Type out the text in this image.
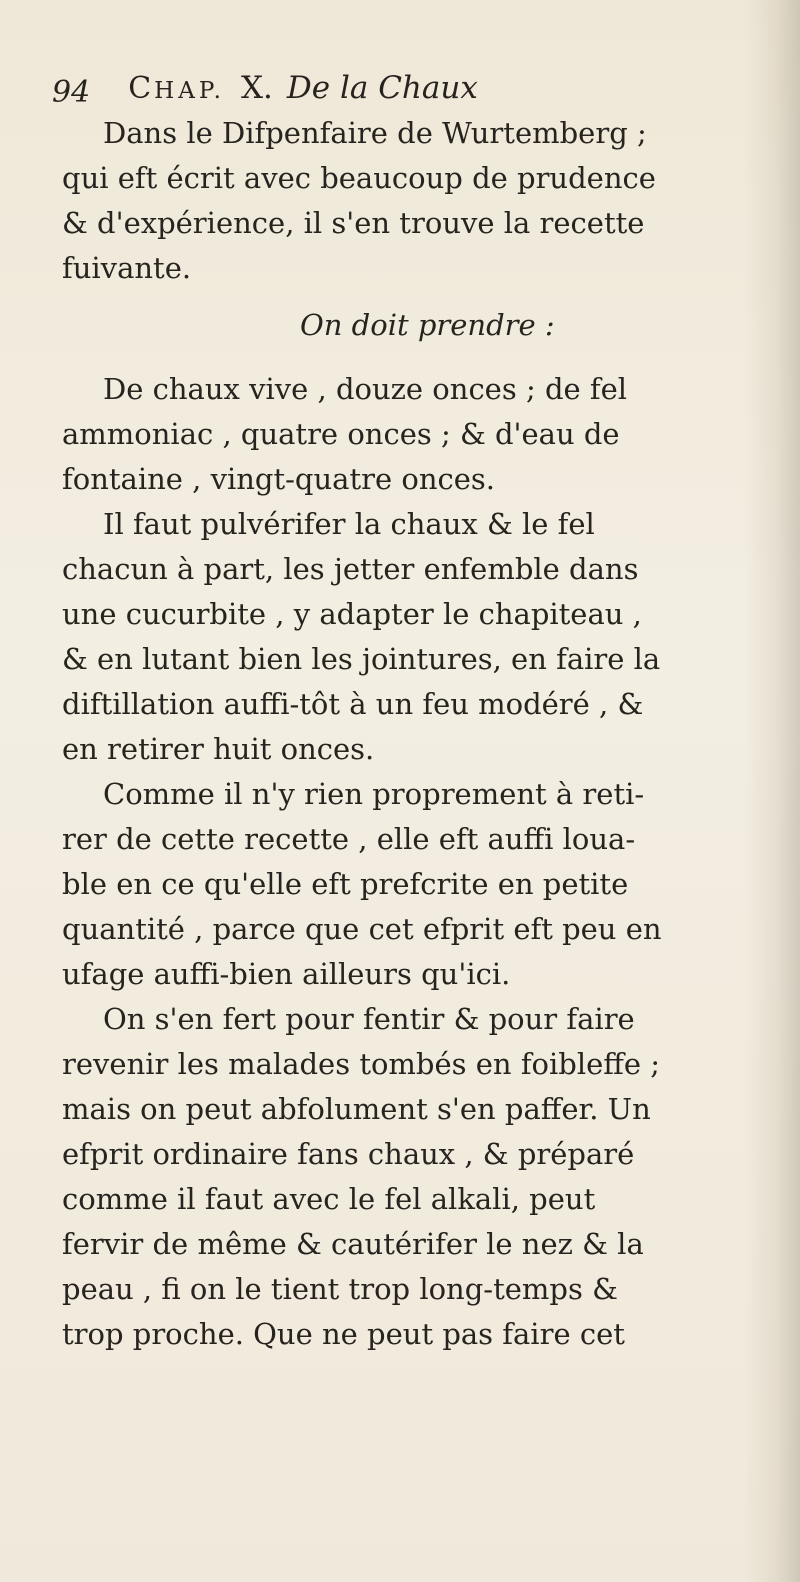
94 CHAP. X. De la Chaux
Dans le Difpenfaire de Wurtemberg ;
qui eft écrit avec beaucoup de prudence
& d'expérience, il s'en trouve la recette
fuivante.
On doit prendre :
De chaux vive , douze onces ; de fel
ammoniac , quatre onces ; & d'eau de
fontaine , vingt-quatre onces.
Il faut pulvérifer la chaux & le fel
chacun à part, les jetter enfemble dans
une cucurbite , y adapter le chapiteau ,
& en lutant bien les jointures, en faire la
diftillation auffi-tôt à un feu modéré , &
en retirer huit onces.
Comme il n'y rien proprement à reti-
rer de cette recette , elle eft auffi loua-
ble en ce qu'elle eft prefcrite en petite
quantité , parce que cet efprit eft peu en
ufage auffi-bien ailleurs qu'ici.
On s'en fert pour fentir & pour faire
revenir les malades tombés en foibleffe ;
mais on peut abfolument s'en paffer. Un
efprit ordinaire fans chaux , & préparé
comme il faut avec le fel alkali, peut
fervir de même & cautérifer le nez & la
peau , fi on le tient trop long-temps &
trop proche. Que ne peut pas faire cet
